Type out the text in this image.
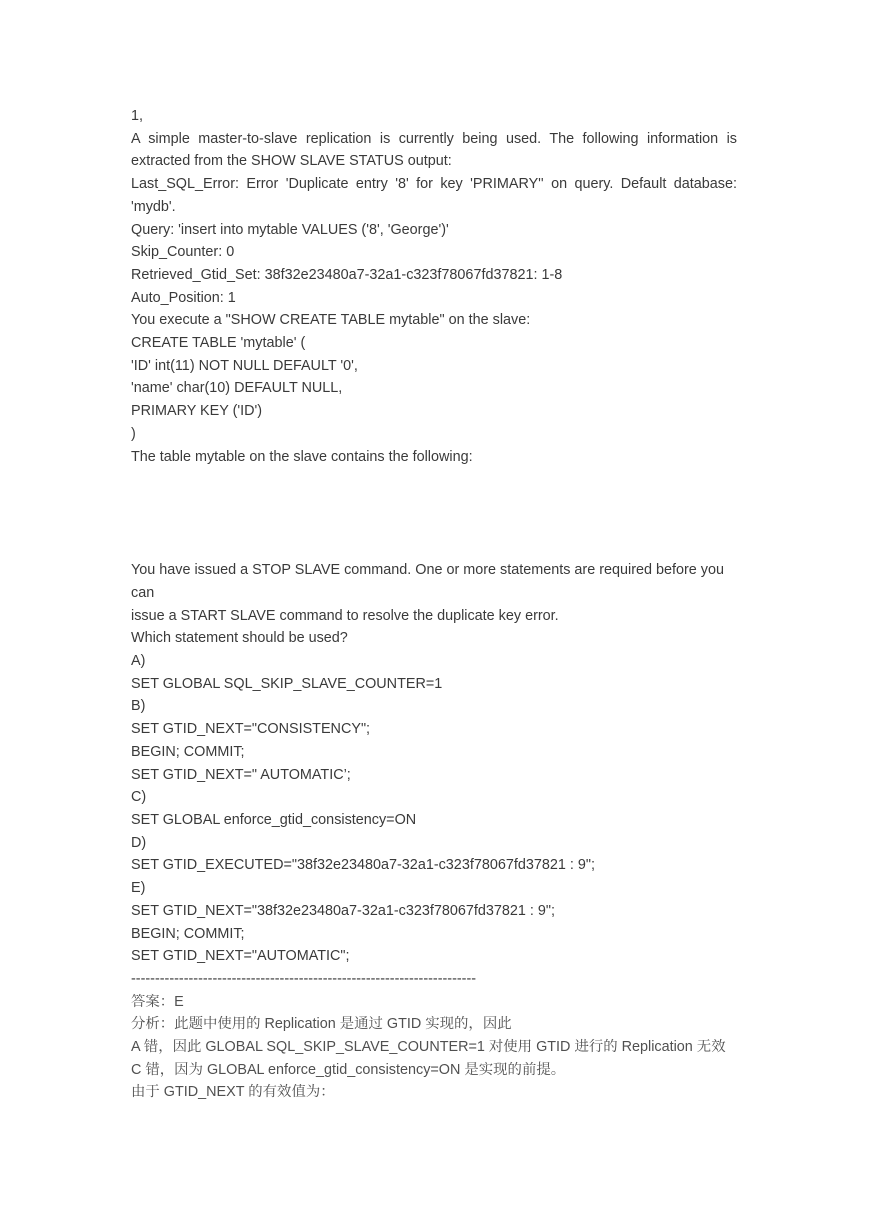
1,

A simple master-to-slave replication is currently being used. The following information is extracted from the SHOW SLAVE STATUS output:

Last_SQL_Error: Error 'Duplicate entry '8' for key 'PRIMARY'' on query. Default database: 'mydb'.

Query: 'insert into mytable VALUES ('8', 'George')'

Skip_Counter: 0

Retrieved_Gtid_Set: 38f32e23480a7-32a1-c323f78067fd37821: 1-8

Auto_Position: 1

You execute a "SHOW CREATE TABLE mytable" on the slave:

CREATE TABLE 'mytable' (

'ID' int(11) NOT NULL DEFAULT '0',

'name' char(10) DEFAULT NULL,

PRIMARY KEY ('ID')

)

The table mytable on the slave contains the following:

You have issued a STOP SLAVE command. One or more statements are required before you can

issue a START SLAVE command to resolve the duplicate key error.

Which statement should be used?

A)

SET GLOBAL SQL_SKIP_SLAVE_COUNTER=1

B)

SET GTID_NEXT="CONSISTENCY";

BEGIN; COMMIT;

SET GTID_NEXT=" AUTOMATIC’;

C)

SET GLOBAL enforce_gtid_consistency=ON

D)

SET GTID_EXECUTED="38f32e23480a7-32a1-c323f78067fd37821 : 9";

E)

SET GTID_NEXT="38f32e23480a7-32a1-c323f78067fd37821 : 9";

BEGIN; COMMIT;

SET GTID_NEXT="AUTOMATIC";

------------------------------------------------------------------------

答案：E

分析：此题中使用的 Replication 是通过 GTID 实现的，因此

A 错，因此 GLOBAL SQL_SKIP_SLAVE_COUNTER=1 对使用 GTID 进行的 Replication 无效

C 错，因为 GLOBAL enforce_gtid_consistency=ON 是实现的前提。

由于 GTID_NEXT 的有效值为：
